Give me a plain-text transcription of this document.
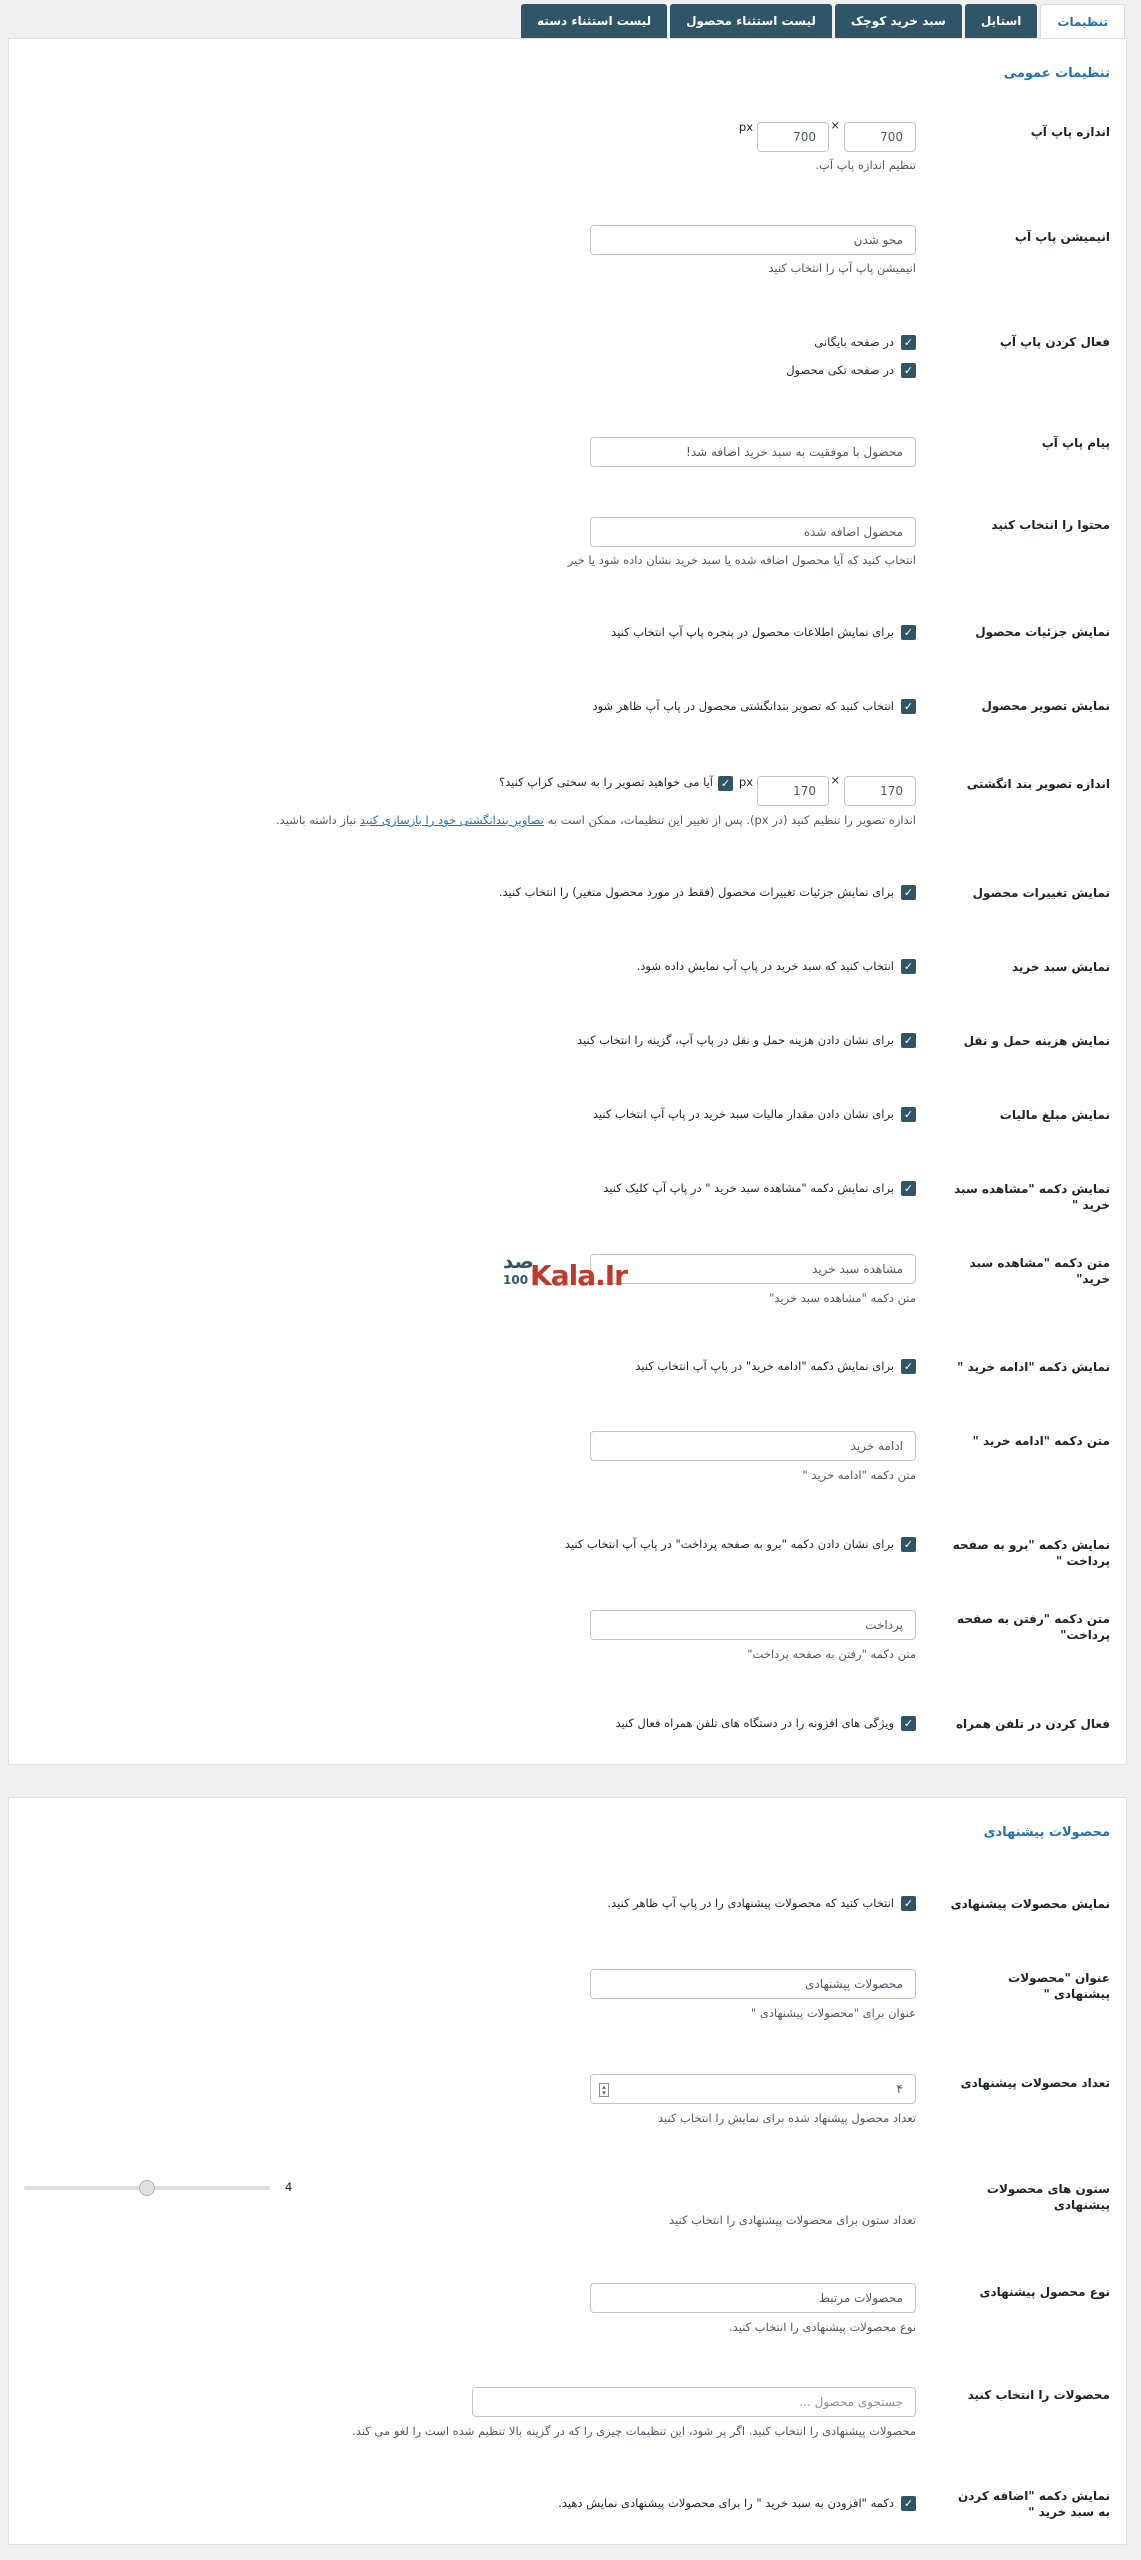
تنظیمات
استایل
سبد خرید کوچک
لیست استثناء محصول
لیست استثناء دسته
تنظیمات عمومی
اندازه پاپ آپ
700
×
700
px
تنظیم اندازه پاپ آپ.
انیمیشن پاپ آپ
محو شدن
انیمیشن پاپ آپ را انتخاب کنید
فعال کردن پاپ آپ
✓
در صفحه بایگانی
✓
در صفحه تکی محصول
پیام پاپ آپ
محصول با موفقیت به سبد خرید اضافه شد!
محتوا را انتخاب کنید
محصول اضافه شده
انتخاب کنید که آیا محصول اضافه شده یا سبد خرید نشان داده شود یا خیر
نمایش جزئیات محصول
✓
برای نمایش اطلاعات محصول در پنجره پاپ آپ انتخاب کنید
نمایش تصویر محصول
✓
انتخاب کنید که تصویر بندانگشتی محصول در پاپ آپ ظاهر شود
اندازه تصویر بند انگشتی
170
×
170
px
✓
آیا می خواهید تصویر را به سختی کراپ کنید؟
اندازه تصویر را تنظیم کنید (در px). پس از تغییر این تنظیمات، ممکن است به تصاویر بندانگشتی خود را بازسازی کنید نیاز داشته باشید.
نمایش تغییرات محصول
✓
برای نمایش جزئیات تغییرات محصول (فقط در مورد محصول متغیر) را انتخاب کنید.
نمایش سبد خرید
✓
انتخاب کنید که سبد خرید در پاپ آپ نمایش داده شود.
نمایش هزینه حمل و نقل
✓
برای نشان دادن هزینه حمل و نقل در پاپ آپ، گزینه را انتخاب کنید
نمایش مبلغ مالیات
✓
برای نشان دادن مقدار مالیات سبد خرید در پاپ آپ انتخاب کنید
نمایش دکمه "مشاهده سبد خرید "
✓
برای نمایش دکمه "مشاهده سبد خرید " در پاپ آپ کلیک کنید
متن دکمه "مشاهده سبد خرید"
مشاهده سبد خرید
متن دکمه "مشاهده سبد خرید"
نمایش دکمه "ادامه خرید "
✓
برای نمایش دکمه "ادامه خرید" در پاپ آپ انتخاب کنید
متن دکمه "ادامه خرید "
ادامه خرید
متن دکمه "ادامه خرید "
نمایش دکمه "برو به صفحه پرداخت "
✓
برای نشان دادن دکمه "برو به صفحه پرداخت" در پاپ آپ انتخاب کنید
متن دکمه "رفتن به صفحه پرداخت"
پرداخت
متن دکمه "رفتن به صفحه پرداخت"
فعال کردن در تلفن همراه
✓
ویژگی های افزونه را در دستگاه های تلفن همراه فعال کنید
صد
100 Kala.Ir
محصولات پیشنهادی
نمایش محصولات پیشنهادی
✓
انتخاب کنید که محصولات پیشنهادی را در پاپ آپ ظاهر کنید.
عنوان "محصولات پیشنهادی "
محصولات پیشنهادی
عنوان برای "محصولات پیشنهادی "
تعداد محصولات پیشنهادی
۴
▴
▾
تعداد محصول پیشنهاد شده برای نمایش را انتخاب کنید
ستون های محصولات پیشنهادی
4
تعداد ستون برای محصولات پیشنهادی را انتخاب کنید
نوع محصول پیشنهادی
محصولات مرتبط
نوع محصولات پیشنهادی را انتخاب کنید.
محصولات را انتخاب کنید
جستجوی محصول ...
محصولات پیشنهادی را انتخاب کنید. اگر پر شود، این تنظیمات چیزی را که در گزینه بالا تنظیم شده است را لغو می کند.
نمایش دکمه "اضافه کردن به سبد خرید "
✓
دکمه "افزودن به سبد خرید " را برای محصولات پیشنهادی نمایش دهید.
